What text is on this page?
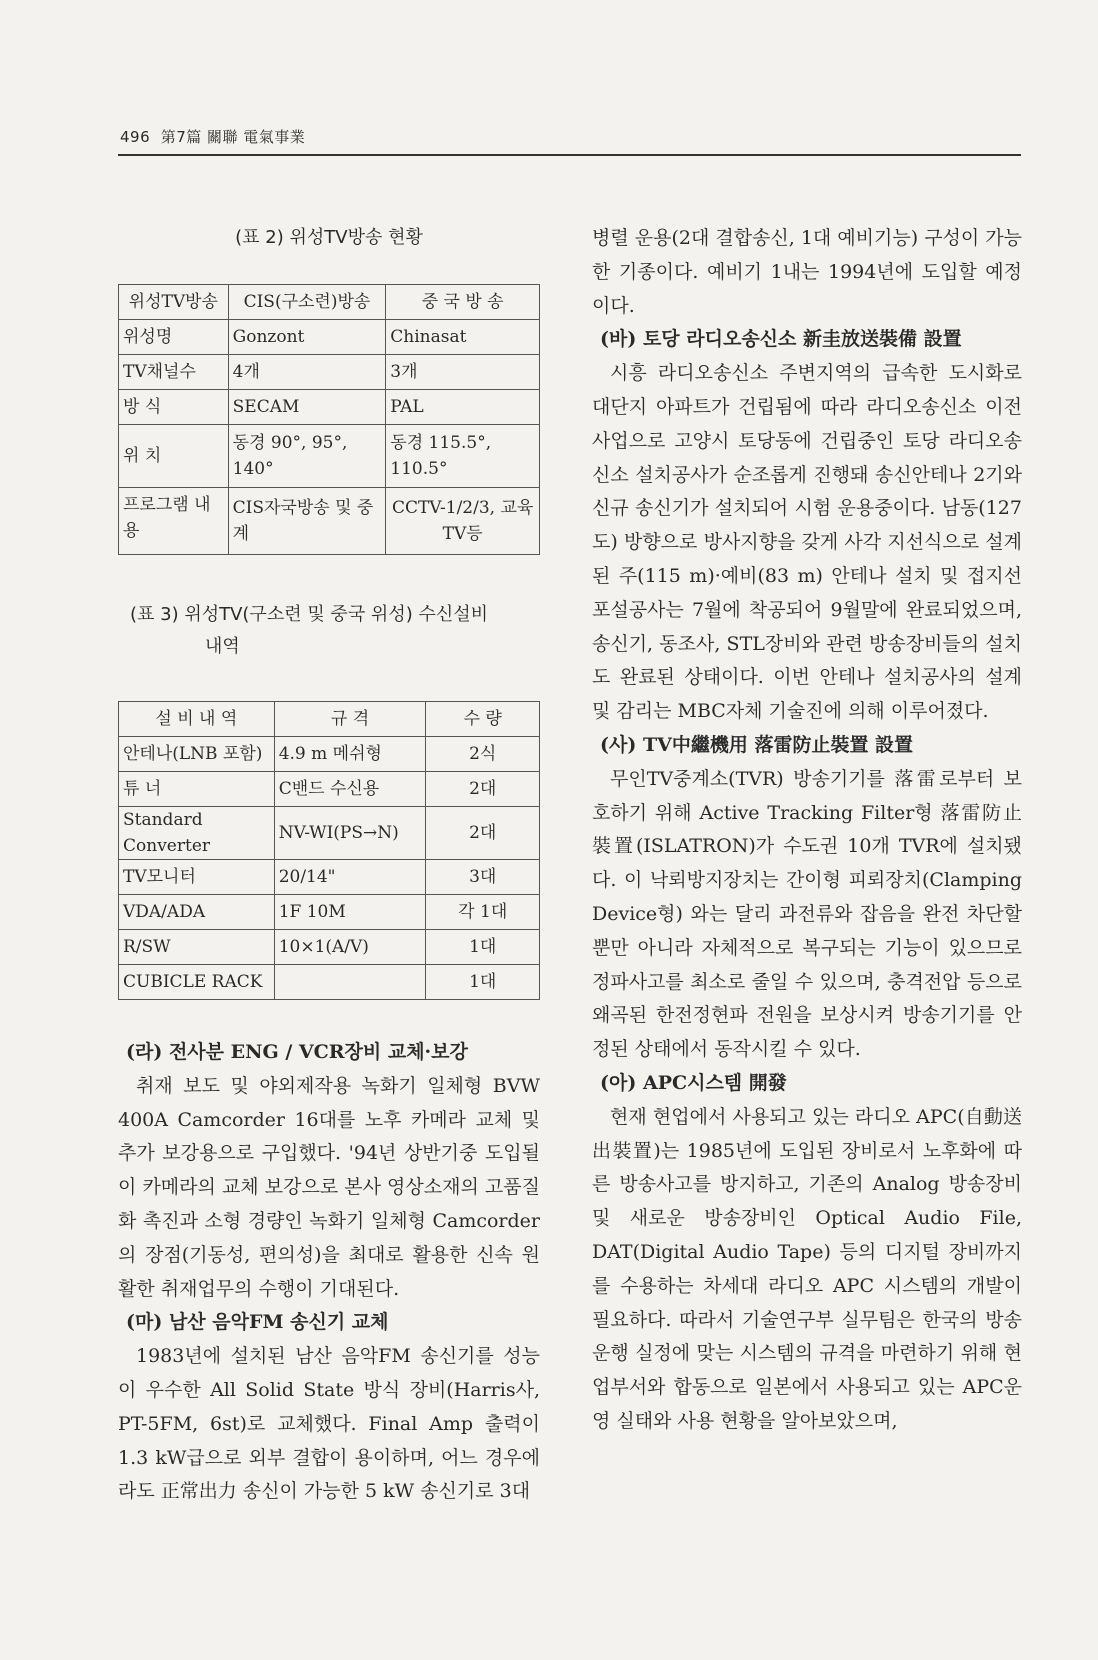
496 第7篇 關聯 電氣事業
(표 2) 위성TV방송 현황
위성TV방송	CIS(구소련)방송	중 국 방 송
위성명	Gonzont	Chinasat
TV채널수	4개	3개
방 식	SECAM	PAL
위 치	동경 90°, 95°, 140°	동경 115.5°, 110.5°
프로그램 내용	CIS자국방송 및 중계	CCTV-1/2/3, 교육 TV등
(표 3) 위성TV(구소련 및 중국 위성) 수신설비
내역
설 비 내 역	규 격	수 량
안테나(LNB 포함)	4.9 m 메쉬형	2식
튜 너	C밴드 수신용	2대
Standard Converter	NV-WI(PS→N)	2대
TV모니터	20/14"	3대
VDA/ADA	1F 10M	각 1대
R/SW	10×1(A/V)	1대
CUBICLE RACK		1대

(라) 전사분 ENG / VCR장비 교체·보강

취재 보도 및 야외제작용 녹화기 일체형 BVW 400A Camcorder 16대를 노후 카메라 교체 및 추가 보강용으로 구입했다. '94년 상반기중 도입될 이 카메라의 교체 보강으로 본사 영상소재의 고품질화 촉진과 소형 경량인 녹화기 일체형 Camcorder의 장점(기동성, 편의성)을 최대로 활용한 신속 원활한 취재업무의 수행이 기대된다.

(마) 남산 음악FM 송신기 교체

1983년에 설치된 남산 음악FM 송신기를 성능이 우수한 All Solid State 방식 장비(Harris사, PT-5FM, 6st)로 교체했다. Final Amp 출력이 1.3 kW급으로 외부 결합이 용이하며, 어느 경우에라도 正常出力 송신이 가능한 5 kW 송신기로 3대

병렬 운용(2대 결합송신, 1대 예비기능) 구성이 가능한 기종이다. 예비기 1내는 1994년에 도입할 예정이다.

(바) 토당 라디오송신소 新圭放送裝備 設置

시흥 라디오송신소 주변지역의 급속한 도시화로 대단지 아파트가 건립됨에 따라 라디오송신소 이전사업으로 고양시 토당동에 건립중인 토당 라디오송신소 설치공사가 순조롭게 진행돼 송신안테나 2기와 신규 송신기가 설치되어 시험 운용중이다. 남동(127도) 방향으로 방사지향을 갖게 사각 지선식으로 설계된 주(115 m)·예비(83 m) 안테나 설치 및 접지선 포설공사는 7월에 착공되어 9월말에 완료되었으며, 송신기, 동조사, STL장비와 관련 방송장비들의 설치도 완료된 상태이다. 이번 안테나 설치공사의 설계 및 감리는 MBC자체 기술진에 의해 이루어졌다.

(사) TV中繼機用 落雷防止裝置 設置

무인TV중계소(TVR) 방송기기를 落雷로부터 보호하기 위해 Active Tracking Filter형 落雷防止裝置(ISLATRON)가 수도권 10개 TVR에 설치됐다. 이 낙뢰방지장치는 간이형 피뢰장치(Clamping Device형) 와는 달리 과전류와 잡음을 완전 차단할 뿐만 아니라 자체적으로 복구되는 기능이 있으므로 정파사고를 최소로 줄일 수 있으며, 충격전압 등으로 왜곡된 한전정현파 전원을 보상시켜 방송기기를 안정된 상태에서 동작시킬 수 있다.

(아) APC시스템 開發

현재 현업에서 사용되고 있는 라디오 APC(自動送出裝置)는 1985년에 도입된 장비로서 노후화에 따른 방송사고를 방지하고, 기존의 Analog 방송장비 및 새로운 방송장비인 Optical Audio File, DAT(Digital Audio Tape) 등의 디지털 장비까지를 수용하는 차세대 라디오 APC 시스템의 개발이 필요하다. 따라서 기술연구부 실무팀은 한국의 방송운행 실정에 맞는 시스템의 규격을 마련하기 위해 현업부서와 합동으로 일본에서 사용되고 있는 APC운영 실태와 사용 현황을 알아보았으며,
